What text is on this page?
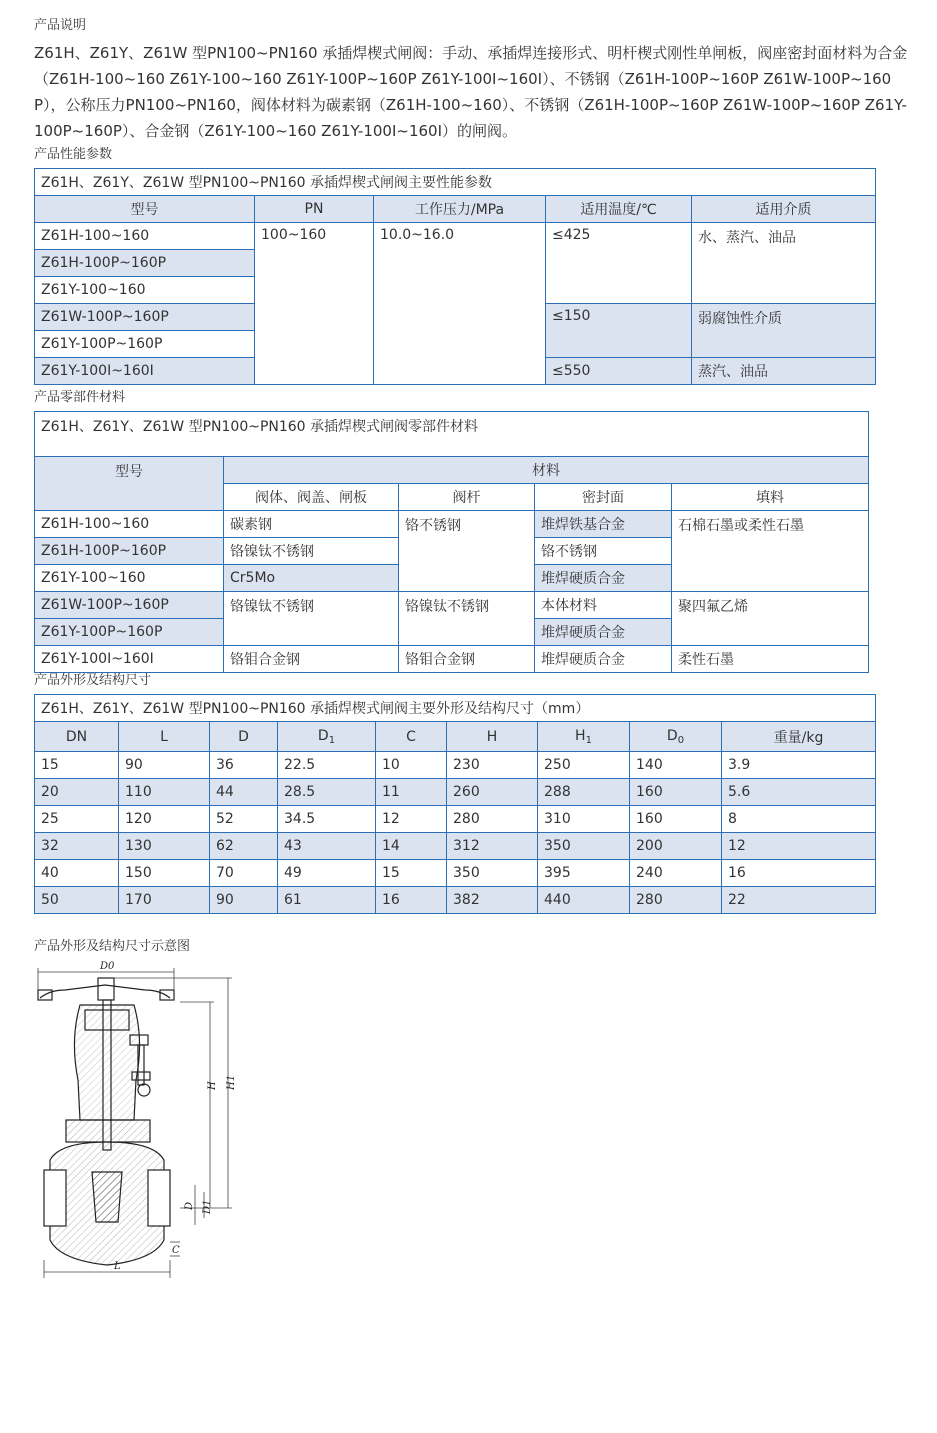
产品说明

Z61H、Z61Y、Z61W 型PN100~PN160 承插焊楔式闸阀：手动、承插焊连接形式、明杆楔式刚性单闸板，阀座密封面材料为合金（Z61H-100~160 Z61Y-100~160 Z61Y-100P~160P Z61Y-100I~160I）、不锈钢（Z61H-100P~160P Z61W-100P~160P），公称压力PN100~PN160，阀体材料为碳素钢（Z61H-100~160）、不锈钢（Z61H-100P~160P Z61W-100P~160P Z61Y-100P~160P）、合金钢（Z61Y-100~160 Z61Y-100I~160I）的闸阀。

产品性能参数
Z61H、Z61Y、Z61W 型PN100~PN160 承插焊楔式闸阀主要性能参数				
型号	PN	工作压力/MPa	适用温度/℃	适用介质
Z61H-100~160	100~160	10.0~16.0	≤425	水、蒸汽、油品
Z61H-100P~160P				
Z61Y-100~160				
Z61W-100P~160P			≤150	弱腐蚀性介质
Z61Y-100P~160P				
Z61Y-100I~160I			≤550	蒸汽、油品
产品零部件材料
Z61H、Z61Y、Z61W 型PN100~PN160 承插焊楔式闸阀零部件材料				
型号	材料			
	阀体、阀盖、闸板	阀杆	密封面	填料
Z61H-100~160	碳素钢	铬不锈钢	堆焊铁基合金	石棉石墨或柔性石墨
Z61H-100P~160P	铬镍钛不锈钢		铬不锈钢	
Z61Y-100~160	Cr5Mo		堆焊硬质合金	
Z61W-100P~160P	铬镍钛不锈钢	铬镍钛不锈钢	本体材料	聚四氟乙烯
Z61Y-100P~160P			堆焊硬质合金	
Z61Y-100I~160I	铬钼合金钢	铬钼合金钢	堆焊硬质合金	柔性石墨
产品外形及结构尺寸
Z61H、Z61Y、Z61W 型PN100~PN160 承插焊楔式闸阀主要外形及结构尺寸（mm）								
DN	L	D	$D_1$	C	H	$H_1$	$D_0$	重量/kg
15	90	36	22.5	10	230	250	140	3.9
20	110	44	28.5	11	260	288	160	5.6
25	120	52	34.5	12	280	310	160	8
32	130	62	43	14	312	350	200	12
40	150	70	49	15	350	395	240	16
50	170	90	61	16	382	440	280	22
产品外形及结构尺寸示意图
D0
H H1
D D1
C
L
